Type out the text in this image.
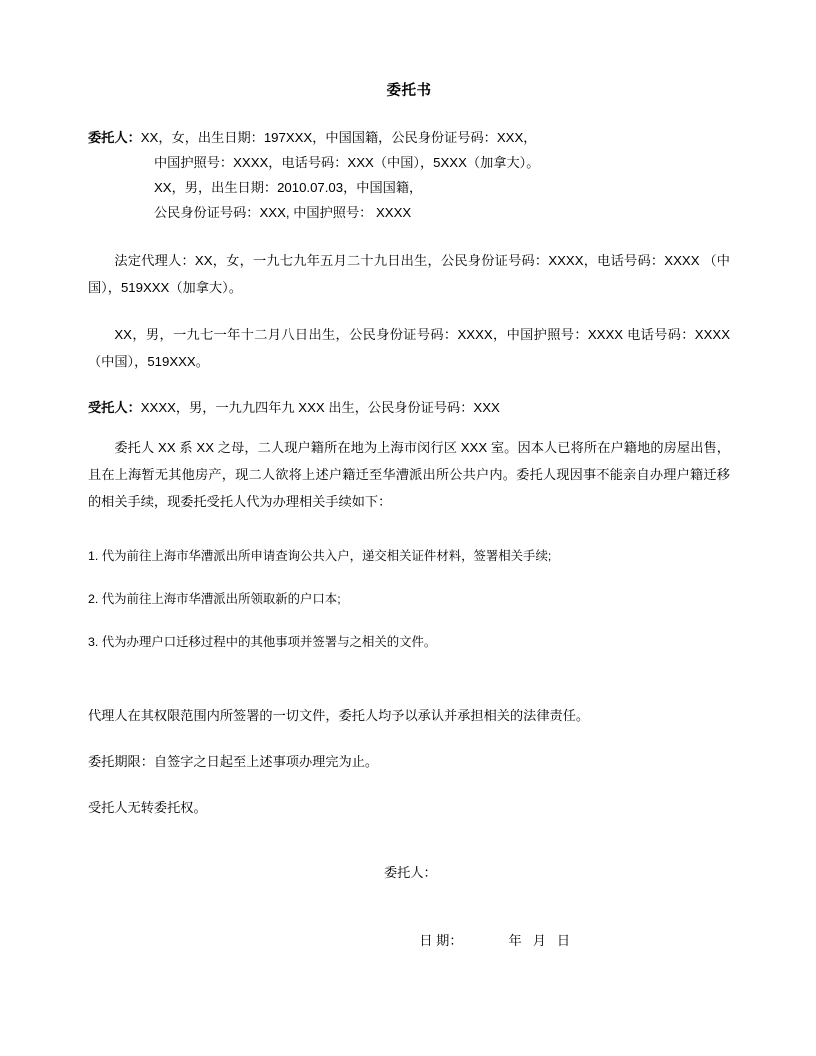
委托书
委托人：XX，女，出生日期：197XXX，中国国籍，公民身份证号码：XXX，
中国护照号：XXXX，电话号码：XXX（中国），5XXX（加拿大）。
XX，男，出生日期：2010.07.03，中国国籍，
公民身份证号码：XXX, 中国护照号： XXXX
法定代理人：XX，女，一九七九年五月二十九日出生，公民身份证号码：XXXX，电话号码：XXXX （中国），519XXX（加拿大）。
XX，男，一九七一年十二月八日出生，公民身份证号码：XXXX，中国护照号：XXXX 电话号码：XXXX（中国），519XXX。
受托人：XXXX，男，一九九四年九 XXX 出生，公民身份证号码：XXX
委托人 XX 系 XX 之母，二人现户籍所在地为上海市闵行区 XXX 室。因本人已将所在户籍地的房屋出售，且在上海暂无其他房产，现二人欲将上述户籍迁至华漕派出所公共户内。委托人现因事不能亲自办理户籍迁移的相关手续，现委托受托人代为办理相关手续如下：
1. 代为前往上海市华漕派出所申请查询公共入户，递交相关证件材料，签署相关手续;
2. 代为前往上海市华漕派出所领取新的户口本;
3. 代为办理户口迁移过程中的其他事项并签署与之相关的文件。
代理人在其权限范围内所签署的一切文件，委托人均予以承认并承担相关的法律责任。
委托期限：自签字之日起至上述事项办理完为止。
受托人无转委托权。
委托人：

日 期：	年   月   日
